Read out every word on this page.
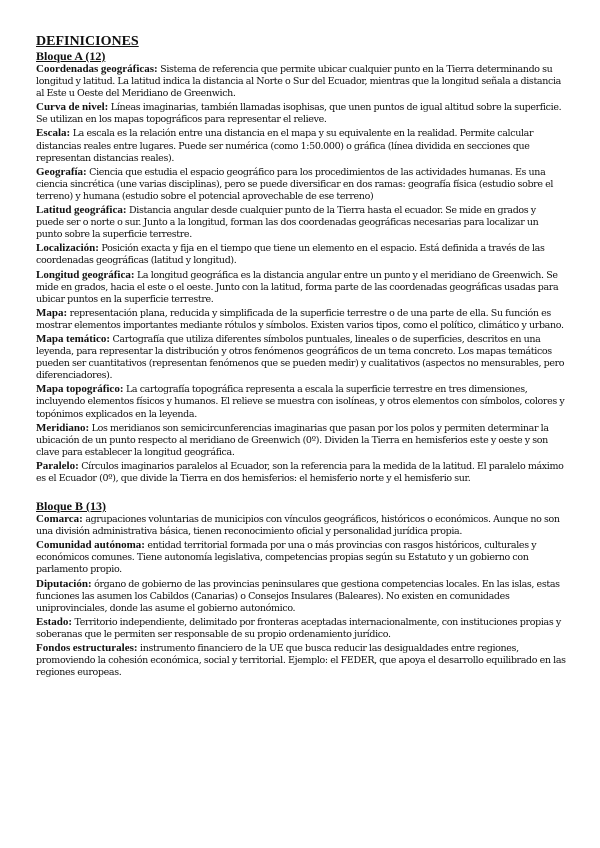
DEFINICIONES
Bloque A (12)

Coordenadas geográficas: Sistema de referencia que permite ubicar cualquier punto en la Tierra determinando su longitud y latitud. La latitud indica la distancia al Norte o Sur del Ecuador, mientras que la longitud señala a distancia al Este u Oeste del Meridiano de Greenwich.

Curva de nivel: Líneas imaginarias, también llamadas isophisas, que unen puntos de igual altitud sobre la superficie. Se utilizan en los mapas topográficos para representar el relieve.

Escala: La escala es la relación entre una distancia en el mapa y su equivalente en la realidad. Permite calcular distancias reales entre lugares. Puede ser numérica (como 1:50.000) o gráfica (línea dividida en secciones que representan distancias reales).

Geografía: Ciencia que estudia el espacio geográfico para los procedimientos de las actividades humanas. Es una ciencia sincrética (une varias disciplinas), pero se puede diversificar en dos ramas: geografía física (estudio sobre el terreno) y humana (estudio sobre el potencial aprovechable de ese terreno)

Latitud geográfica: Distancia angular desde cualquier punto de la Tierra hasta el ecuador. Se mide en grados y puede ser o norte o sur. Junto a la longitud, forman las dos coordenadas geográficas necesarias para localizar un punto sobre la superficie terrestre.

Localización: Posición exacta y fija en el tiempo que tiene un elemento en el espacio. Está definida a través de las coordenadas geográficas (latitud y longitud).

Longitud geográfica: La longitud geográfica es la distancia angular entre un punto y el meridiano de Greenwich. Se mide en grados, hacia el este o el oeste. Junto con la latitud, forma parte de las coordenadas geográficas usadas para ubicar puntos en la superficie terrestre.

Mapa: representación plana, reducida y simplificada de la superficie terrestre o de una parte de ella. Su función es mostrar elementos importantes mediante rótulos y símbolos. Existen varios tipos, como el político, climático y urbano.

Mapa temático: Cartografía que utiliza diferentes símbolos puntuales, lineales o de superficies, descritos en una leyenda, para representar la distribución y otros fenómenos geográficos de un tema concreto. Los mapas temáticos pueden ser cuantitativos (representan fenómenos que se pueden medir) y cualitativos (aspectos no mensurables, pero diferenciadores).

Mapa topográfico: La cartografía topográfica representa a escala la superficie terrestre en tres dimensiones, incluyendo elementos físicos y humanos. El relieve se muestra con isolíneas, y otros elementos con símbolos, colores y topónimos explicados en la leyenda.

Meridiano: Los meridianos son semicircunferencias imaginarias que pasan por los polos y permiten determinar la ubicación de un punto respecto al meridiano de Greenwich (0º). Dividen la Tierra en hemisferios este y oeste y son clave para establecer la longitud geográfica.

Paralelo: Círculos imaginarios paralelos al Ecuador, son la referencia para la medida de la latitud. El paralelo máximo es el Ecuador (0º), que divide la Tierra en dos hemisferios: el hemisferio norte y el hemisferio sur.

Bloque B (13)

Comarca: agrupaciones voluntarias de municipios con vínculos geográficos, históricos o económicos. Aunque no son una división administrativa básica, tienen reconocimiento oficial y personalidad jurídica propia.

Comunidad autónoma: entidad territorial formada por una o más provincias con rasgos históricos, culturales y económicos comunes. Tiene autonomía legislativa, competencias propias según su Estatuto y un gobierno con parlamento propio.

Diputación: órgano de gobierno de las provincias peninsulares que gestiona competencias locales. En las islas, estas funciones las asumen los Cabildos (Canarias) o Consejos Insulares (Baleares). No existen en comunidades uniprovinciales, donde las asume el gobierno autonómico.

Estado: Territorio independiente, delimitado por fronteras aceptadas internacionalmente, con instituciones propias y soberanas que le permiten ser responsable de su propio ordenamiento jurídico.

Fondos estructurales: instrumento financiero de la UE que busca reducir las desigualdades entre regiones, promoviendo la cohesión económica, social y territorial. Ejemplo: el FEDER, que apoya el desarrollo equilibrado en las regiones europeas.
